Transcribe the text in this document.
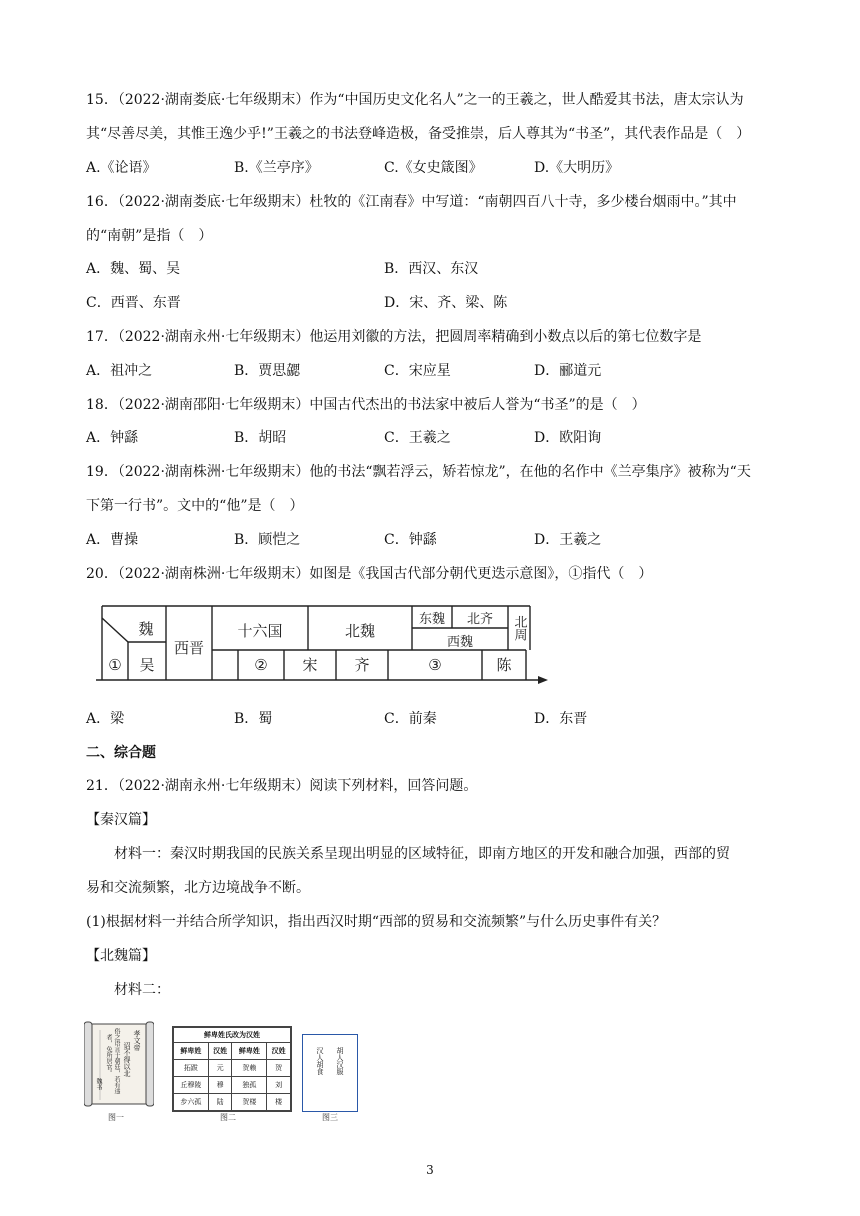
15．（2022·湖南娄底·七年级期末）作为“中国历史文化名人”之一的王羲之，世人酷爱其书法，唐太宗认为
其“尽善尽美，其惟王逸少乎!”王羲之的书法登峰造极，备受推崇，后人尊其为“书圣”，其代表作品是（　）
A.《论语》	B.《兰亭序》	C.《女史箴图》	D.《大明历》
16．（2022·湖南娄底·七年级期末）杜牧的《江南春》中写道：“南朝四百八十寺，多少楼台烟雨中。”其中
的“南朝”是指（　）
A．魏、蜀、吴	B．西汉、东汉
C．西晋、东晋	D．宋、齐、梁、陈
17．（2022·湖南永州·七年级期末）他运用刘徽的方法，把圆周率精确到小数点以后的第七位数字是
A．祖冲之	B．贾思勰	C．宋应星	D．郦道元
18．（2022·湖南邵阳·七年级期末）中国古代杰出的书法家中被后人誉为“书圣”的是（　）
A．钟繇	B．胡昭	C．王羲之	D．欧阳询
19．（2022·湖南株洲·七年级期末）他的书法“飘若浮云，矫若惊龙”，在他的名作中《兰亭集序》被称为“天
下第一行书”。文中的“他”是（　）
A．曹操	B．顾恺之	C．钟繇	D．王羲之
20．（2022·湖南株洲·七年级期末）如图是《我国古代部分朝代更迭示意图》，①指代（　）
魏
① 吴
西晋
十六国
② 宋
北魏
齐
东魏 北齐
西魏
③
北周
陈
A．梁	B．蜀	C．前秦	D．东晋
二、综合题
21．（2022·湖南永州·七年级期末）阅读下列材料，回答问题。
【秦汉篇】
材料一：秦汉时期我国的民族关系呈现出明显的区域特征，即南方地区的开发和融合加强，西部的贸
易和交流频繁，北方边境战争不断。
(1)根据材料一并结合所学知识，指出西汉时期“西部的贸易和交流频繁”与什么历史事件有关？
【北魏篇】
材料二：
孝文帝
诏不得以北
俗之语言于朝廷，若有违
者，免所居官。
魏书
图一
鲜卑姓氏改为汉姓			
鲜卑姓	汉姓	鲜卑姓	汉姓
拓跋	元	贺赖	贺
丘穆陵	穆	独孤	刘
步六孤	陆	贺楼	楼
图二
胡人汉服
汉人胡食
图三
3
